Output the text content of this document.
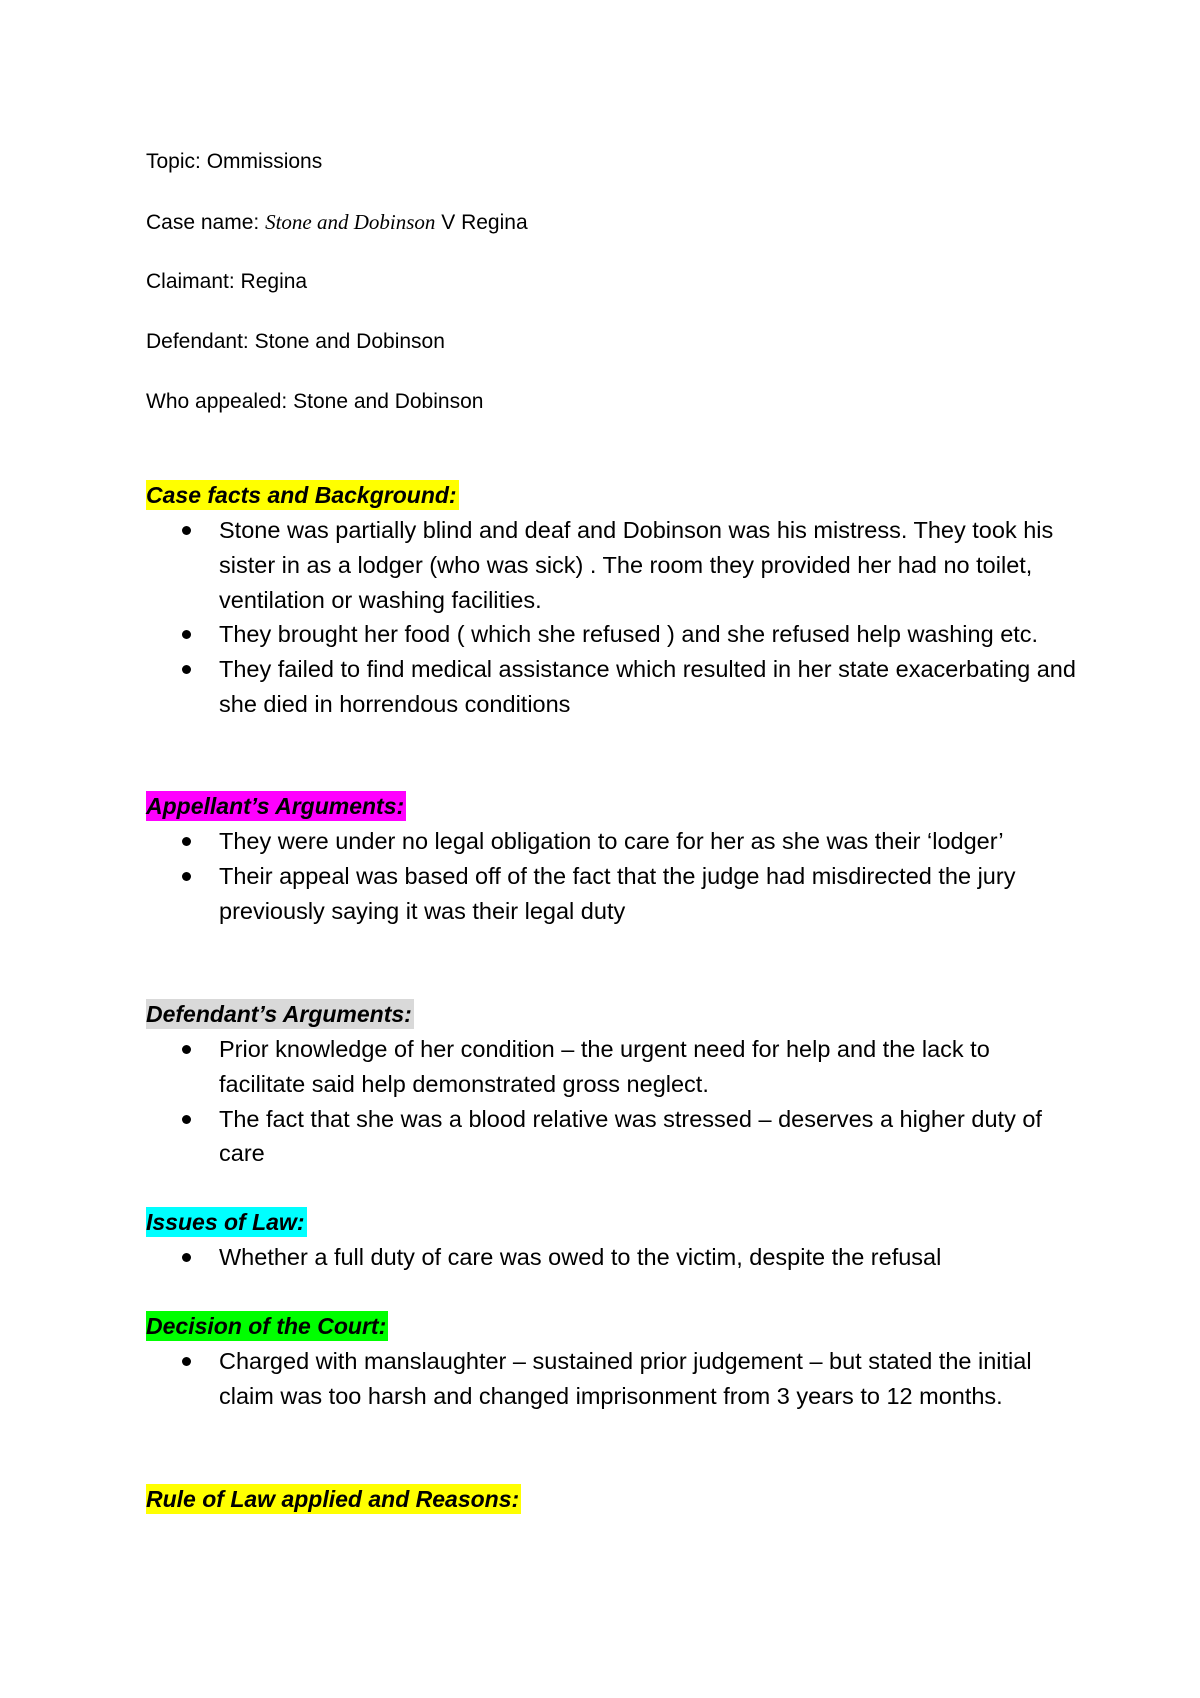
Topic: Ommissions
Case name: Stone and Dobinson V Regina
Claimant: Regina
Defendant: Stone and Dobinson
Who appealed: Stone and Dobinson
Case facts and Background:
Stone was partially blind and deaf and Dobinson was his mistress. They took his sister in as a lodger (who was sick) . The room they provided her had no toilet, ventilation or washing facilities.
They brought her food ( which she refused ) and she refused help washing etc.
They failed to find medical assistance which resulted in her state exacerbating and she died in horrendous conditions
Appellant’s Arguments:
They were under no legal obligation to care for her as she was their ‘lodger’
Their appeal was based off of the fact that the judge had misdirected the jury previously saying it was their legal duty
Defendant’s Arguments:
Prior knowledge of her condition – the urgent need for help and the lack to facilitate said help demonstrated gross neglect.
The fact that she was a blood relative was stressed – deserves a higher duty of care
Issues of Law:
Whether a full duty of care was owed to the victim, despite the refusal
Decision of the Court:
Charged with manslaughter – sustained prior judgement – but stated the initial claim was too harsh and changed imprisonment from 3 years to 12 months.
Rule of Law applied and Reasons:
